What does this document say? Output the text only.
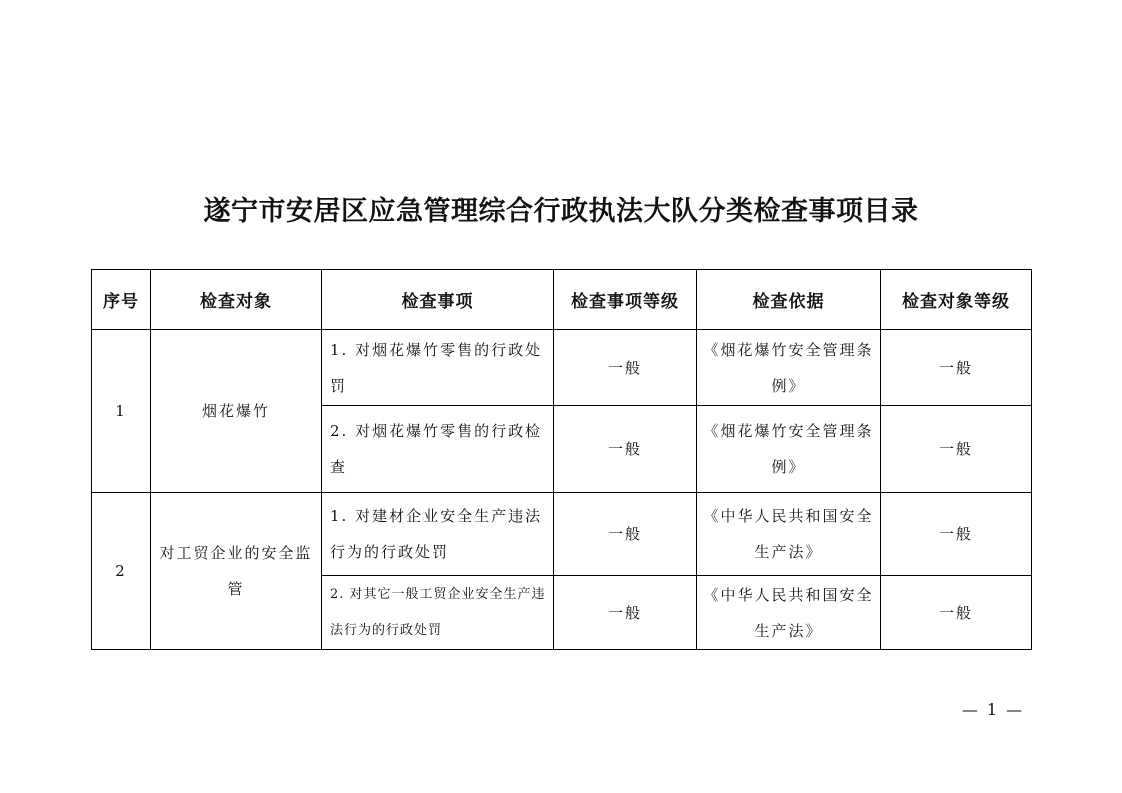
遂宁市安居区应急管理综合行政执法大队分类检查事项目录
序号	检查对象	检查事项	检查事项等级	检查依据	检查对象等级
1	烟花爆竹	1. 对烟花爆竹零售的行政处罚	一般	《烟花爆竹安全管理条例》	一般
		2. 对烟花爆竹零售的行政检查	一般	《烟花爆竹安全管理条例》	一般
2	对工贸企业的安全监管	1. 对建材企业安全生产违法行为的行政处罚	一般	《中华人民共和国安全生产法》	一般
		2. 对其它一般工贸企业安全生产违法行为的行政处罚	一般	《中华人民共和国安全生产法》	一般
— 1 —
